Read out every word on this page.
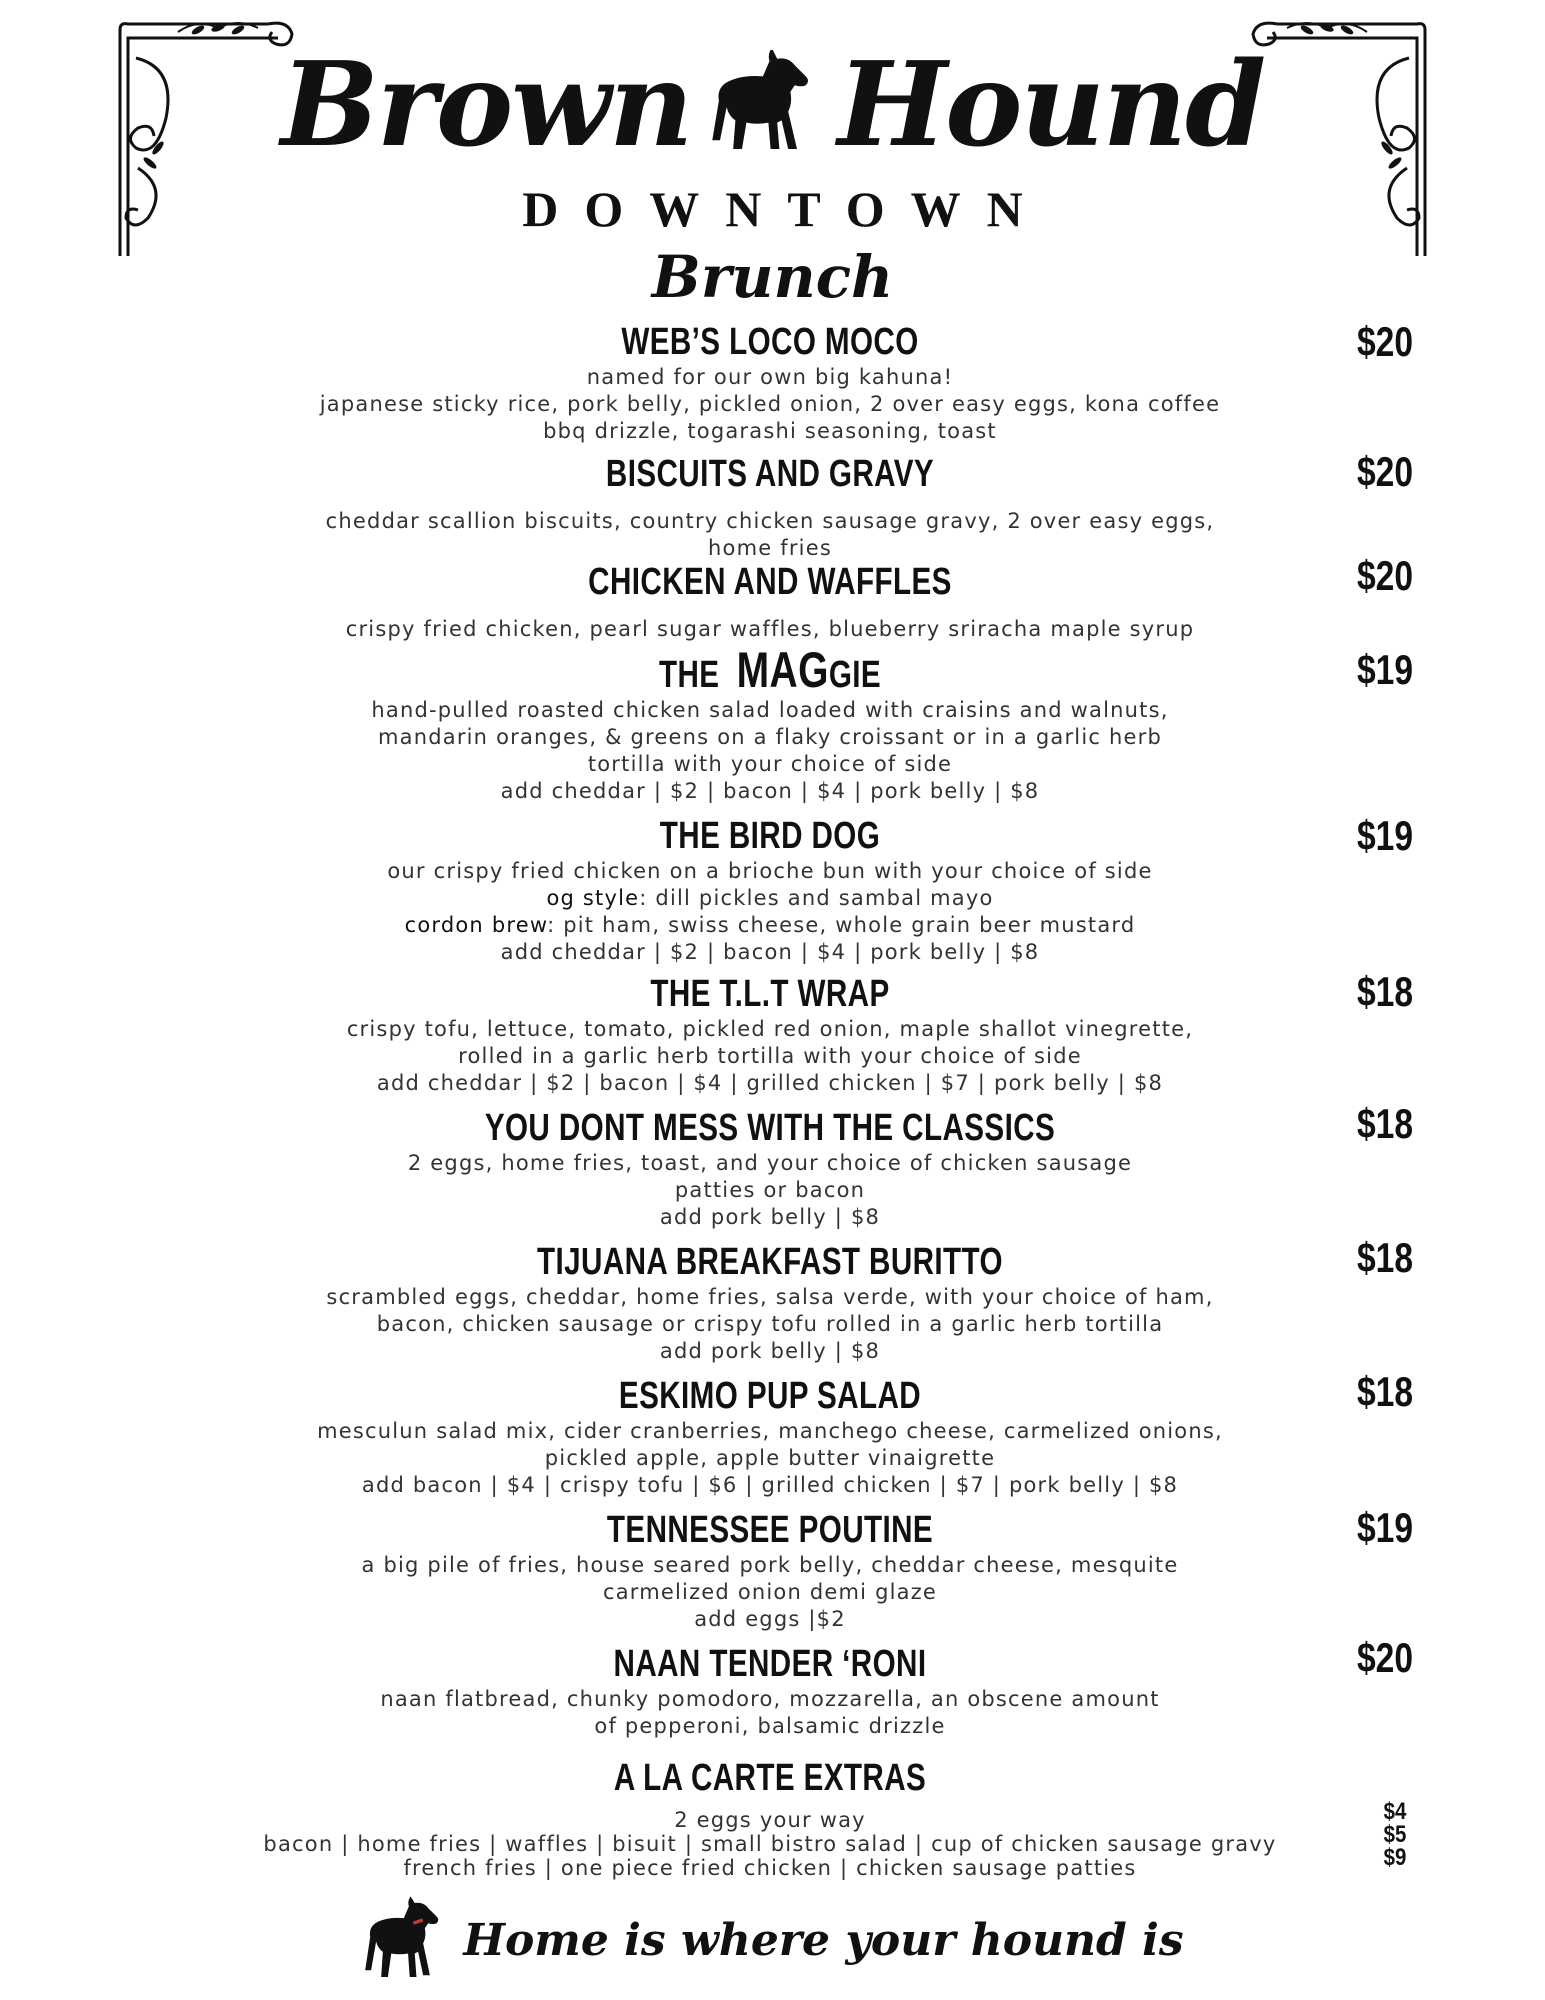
Brown Hound
DOWNTOWN
Brunch
WEB’S LOCO MOCO
named for our own big kahuna!
japanese sticky rice, pork belly, pickled onion, 2 over easy eggs, kona coffee
bbq drizzle, togarashi seasoning, toast
$20
BISCUITS AND GRAVY
cheddar scallion biscuits, country chicken sausage gravy, 2 over easy eggs,
home fries
$20
CHICKEN AND WAFFLES
crispy fried chicken, pearl sugar waffles, blueberry sriracha maple syrup
$20
THE MAGGIE
hand-pulled roasted chicken salad loaded with craisins and walnuts,
mandarin oranges, & greens on a flaky croissant or in a garlic herb
tortilla with your choice of side
add cheddar | $2 | bacon | $4 | pork belly | $8
$19
THE BIRD DOG
our crispy fried chicken on a brioche bun with your choice of side
og style: dill pickles and sambal mayo
cordon brew: pit ham, swiss cheese, whole grain beer mustard
add cheddar | $2 | bacon | $4 | pork belly | $8
$19
THE T.L.T WRAP
crispy tofu, lettuce, tomato, pickled red onion, maple shallot vinegrette,
rolled in a garlic herb tortilla with your choice of side
add cheddar | $2 | bacon | $4 | grilled chicken | $7 | pork belly | $8
$18
YOU DONT MESS WITH THE CLASSICS
2 eggs, home fries, toast, and your choice of chicken sausage
patties or bacon
add pork belly | $8
$18
TIJUANA BREAKFAST BURITTO
scrambled eggs, cheddar, home fries, salsa verde, with your choice of ham,
bacon, chicken sausage or crispy tofu rolled in a garlic herb tortilla
add pork belly | $8
$18
ESKIMO PUP SALAD
mesculun salad mix, cider cranberries, manchego cheese, carmelized onions,
pickled apple, apple butter vinaigrette
add bacon | $4 | crispy tofu | $6 | grilled chicken | $7 | pork belly | $8
$18
TENNESSEE POUTINE
a big pile of fries, house seared pork belly, cheddar cheese, mesquite
carmelized onion demi glaze
add eggs |$2
$19
NAAN TENDER ‘RONI
naan flatbread, chunky pomodoro, mozzarella, an obscene amount
of pepperoni, balsamic drizzle
$20
A LA CARTE EXTRAS
2 eggs your way
bacon | home fries | waffles | bisuit | small bistro salad | cup of chicken sausage gravy
french fries | one piece fried chicken | chicken sausage patties
$4
$5
$9
Home is where your hound is
